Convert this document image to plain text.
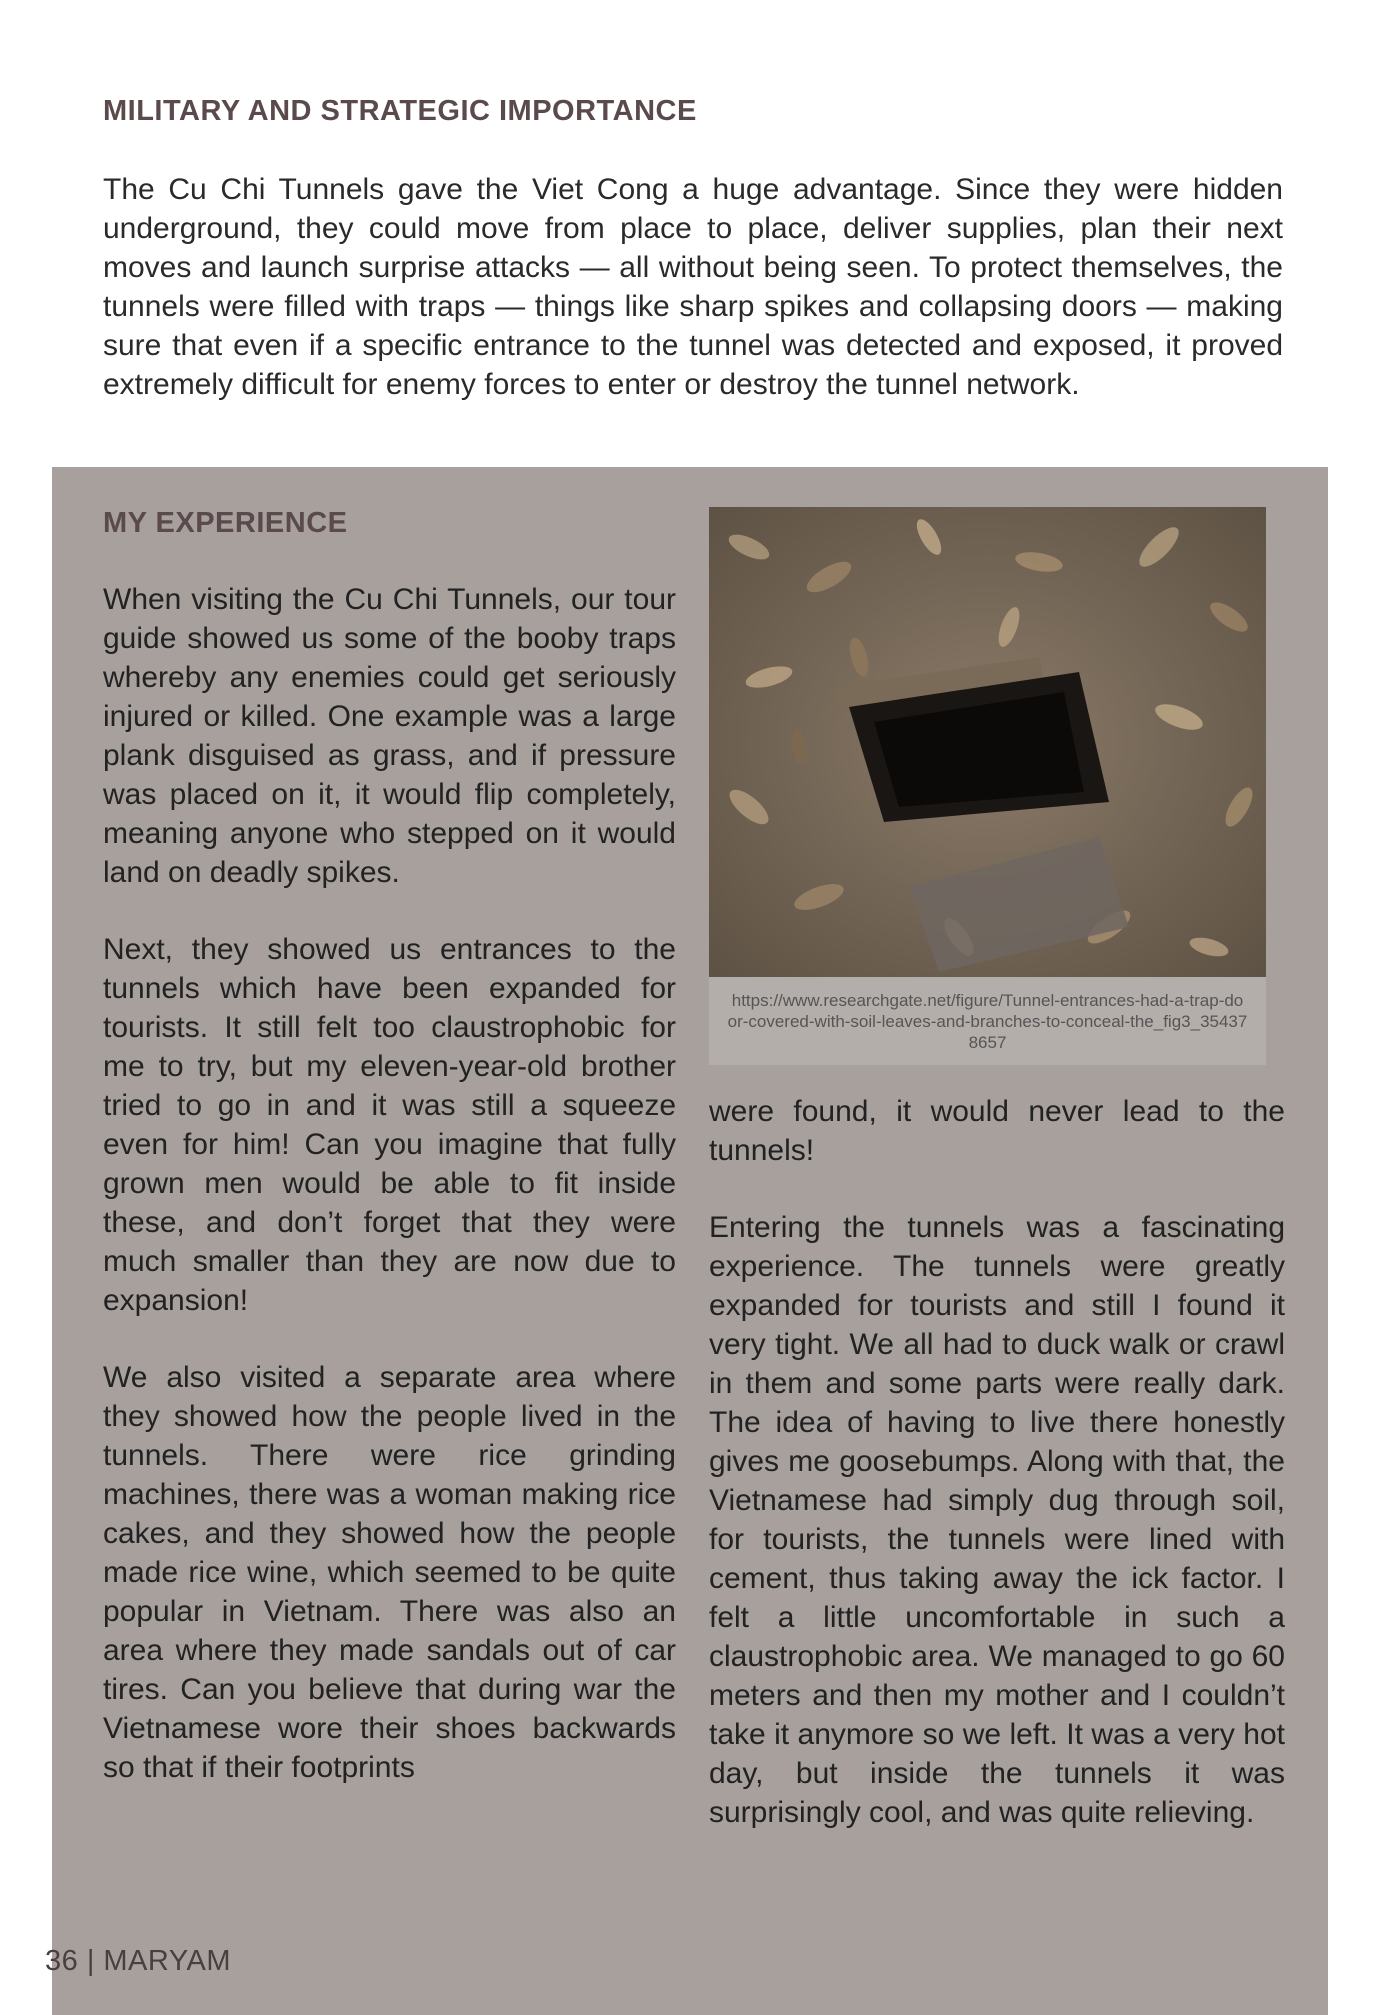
MILITARY AND STRATEGIC IMPORTANCE

The Cu Chi Tunnels gave the Viet Cong a huge advantage. Since they were hidden underground, they could move from place to place, deliver supplies, plan their next moves and launch surprise attacks — all without being seen. To protect themselves, the tunnels were filled with traps — things like sharp spikes and collapsing doors — making sure that even if a specific entrance to the tunnel was detected and exposed, it proved extremely difficult for enemy forces to enter or destroy the tunnel network.

MY EXPERIENCE

When visiting the Cu Chi Tunnels, our tour guide showed us some of the booby traps whereby any enemies could get seriously injured or killed. One example was a large plank disguised as grass, and if pressure was placed on it, it would flip completely, meaning anyone who stepped on it would land on deadly spikes.

Next, they showed us entrances to the tunnels which have been expanded for tourists. It still felt too claustrophobic for me to try, but my eleven-year-old brother tried to go in and it was still a squeeze even for him! Can you imagine that fully grown men would be able to fit inside these, and don’t forget that they were much smaller than they are now due to expansion!

We also visited a separate area where they showed how the people lived in the tunnels. There were rice grinding machines, there was a woman making rice cakes, and they showed how the people made rice wine, which seemed to be quite popular in Vietnam. There was also an area where they made sandals out of car tires. Can you believe that during war the Vietnamese wore their shoes backwards so that if their footprints

https://www.researchgate.net/figure/Tunnel-entrances-had-a-trap-door-covered-with-soil-leaves-and-branches-to-conceal-the_fig3_354378657

were found, it would never lead to the tunnels!

Entering the tunnels was a fascinating experience. The tunnels were greatly expanded for tourists and still I found it very tight. We all had to duck walk or crawl in them and some parts were really dark. The idea of having to live there honestly gives me goosebumps. Along with that, the Vietnamese had simply dug through soil, for tourists, the tunnels were lined with cement, thus taking away the ick factor. I felt a little uncomfortable in such a claustrophobic area. We managed to go 60 meters and then my mother and I couldn’t take it anymore so we left. It was a very hot day, but inside the tunnels it was surprisingly cool, and was quite relieving.

36 | MARYAM
